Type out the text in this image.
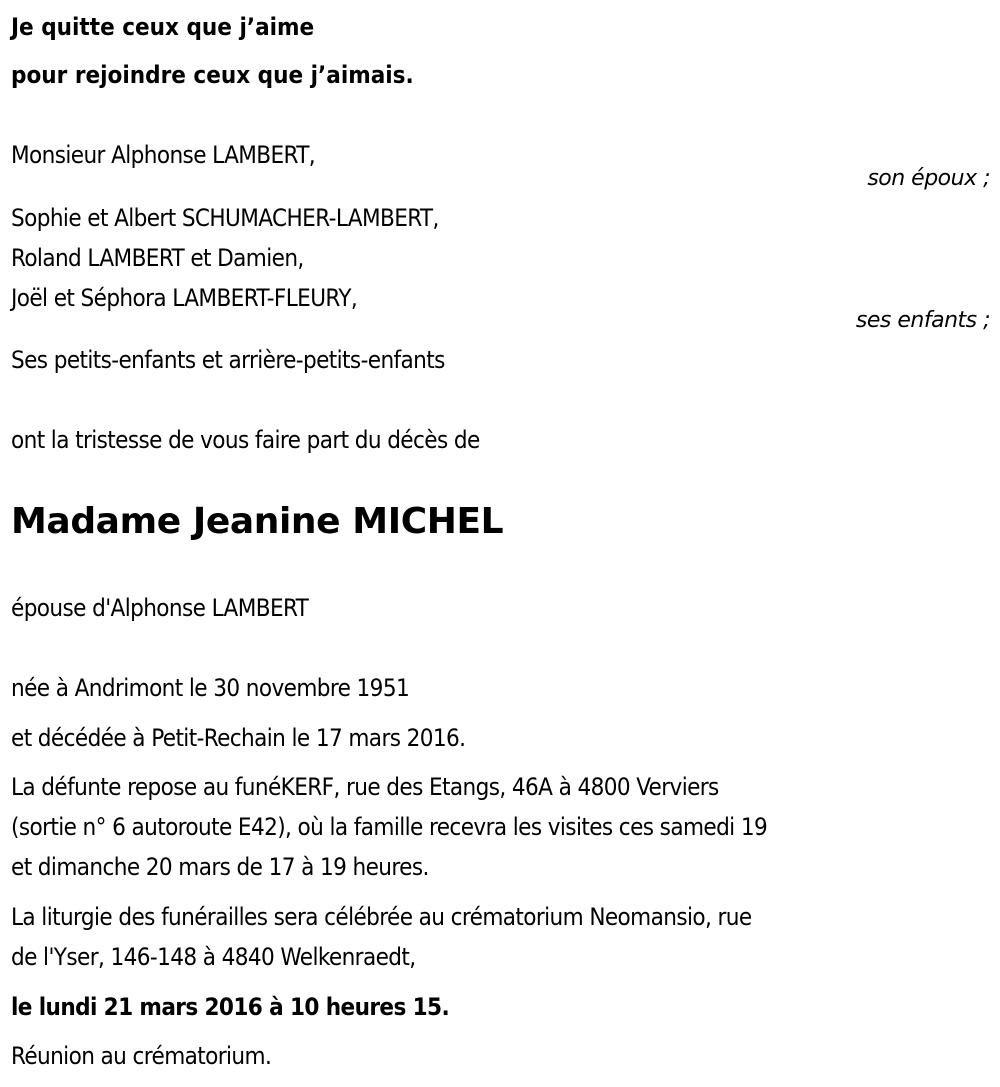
Je quitte ceux que j’aime
pour rejoindre ceux que j’aimais.
Monsieur Alphonse LAMBERT,
son époux ;
Sophie et Albert SCHUMACHER-LAMBERT,
Roland LAMBERT et Damien,
Joël et Séphora LAMBERT-FLEURY,
ses enfants ;
Ses petits-enfants et arrière-petits-enfants
ont la tristesse de vous faire part du décès de
Madame Jeanine MICHEL
épouse d'Alphonse LAMBERT
née à Andrimont le 30 novembre 1951
et décédée à Petit-Rechain le 17 mars 2016.
La défunte repose au funéKERF, rue des Etangs, 46A à 4800 Verviers
(sortie n° 6 autoroute E42), où la famille recevra les visites ces samedi 19
et dimanche 20 mars de 17 à 19 heures.
La liturgie des funérailles sera célébrée au crématorium Neomansio, rue
de l'Yser, 146-148 à 4840 Welkenraedt,
le lundi 21 mars 2016 à 10 heures 15.
Réunion au crématorium.
